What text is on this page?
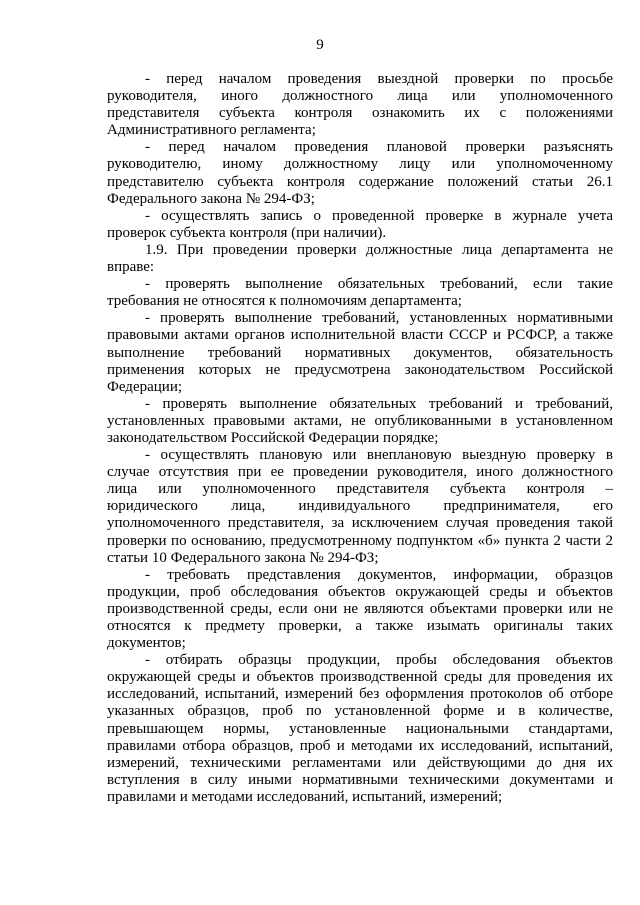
9
- перед началом проведения выездной проверки по просьбе
руководителя, иного должностного лица или уполномоченного
представителя субъекта контроля ознакомить их с положениями
Административного регламента;
- перед началом проведения плановой проверки разъяснять
руководителю, иному должностному лицу или уполномоченному
представителю субъекта контроля содержание положений статьи 26.1
Федерального закона № 294-ФЗ;
- осуществлять запись о проведенной проверке в журнале учета
проверок субъекта контроля (при наличии).
1.9. При проведении проверки должностные лица департамента не
вправе:
- проверять выполнение обязательных требований, если такие
требования не относятся к полномочиям департамента;
- проверять выполнение требований, установленных нормативными
правовыми актами органов исполнительной власти СССР и РСФСР, а также
выполнение требований нормативных документов, обязательность
применения которых не предусмотрена законодательством Российской
Федерации;
- проверять выполнение обязательных требований и требований,
установленных правовыми актами, не опубликованными в установленном
законодательством Российской Федерации порядке;
- осуществлять плановую или внеплановую выездную проверку в
случае отсутствия при ее проведении руководителя, иного должностного
лица или уполномоченного представителя субъекта контроля –
юридического лица, индивидуального предпринимателя, его
уполномоченного представителя, за исключением случая проведения такой
проверки по основанию, предусмотренному подпунктом «б» пункта 2 части 2
статьи 10 Федерального закона № 294-ФЗ;
- требовать представления документов, информации, образцов
продукции, проб обследования объектов окружающей среды и объектов
производственной среды, если они не являются объектами проверки или не
относятся к предмету проверки, а также изымать оригиналы таких
документов;
- отбирать образцы продукции, пробы обследования объектов
окружающей среды и объектов производственной среды для проведения их
исследований, испытаний, измерений без оформления протоколов об отборе
указанных образцов, проб по установленной форме и в количестве,
превышающем нормы, установленные национальными стандартами,
правилами отбора образцов, проб и методами их исследований, испытаний,
измерений, техническими регламентами или действующими до дня их
вступления в силу иными нормативными техническими документами и
правилами и методами исследований, испытаний, измерений;
